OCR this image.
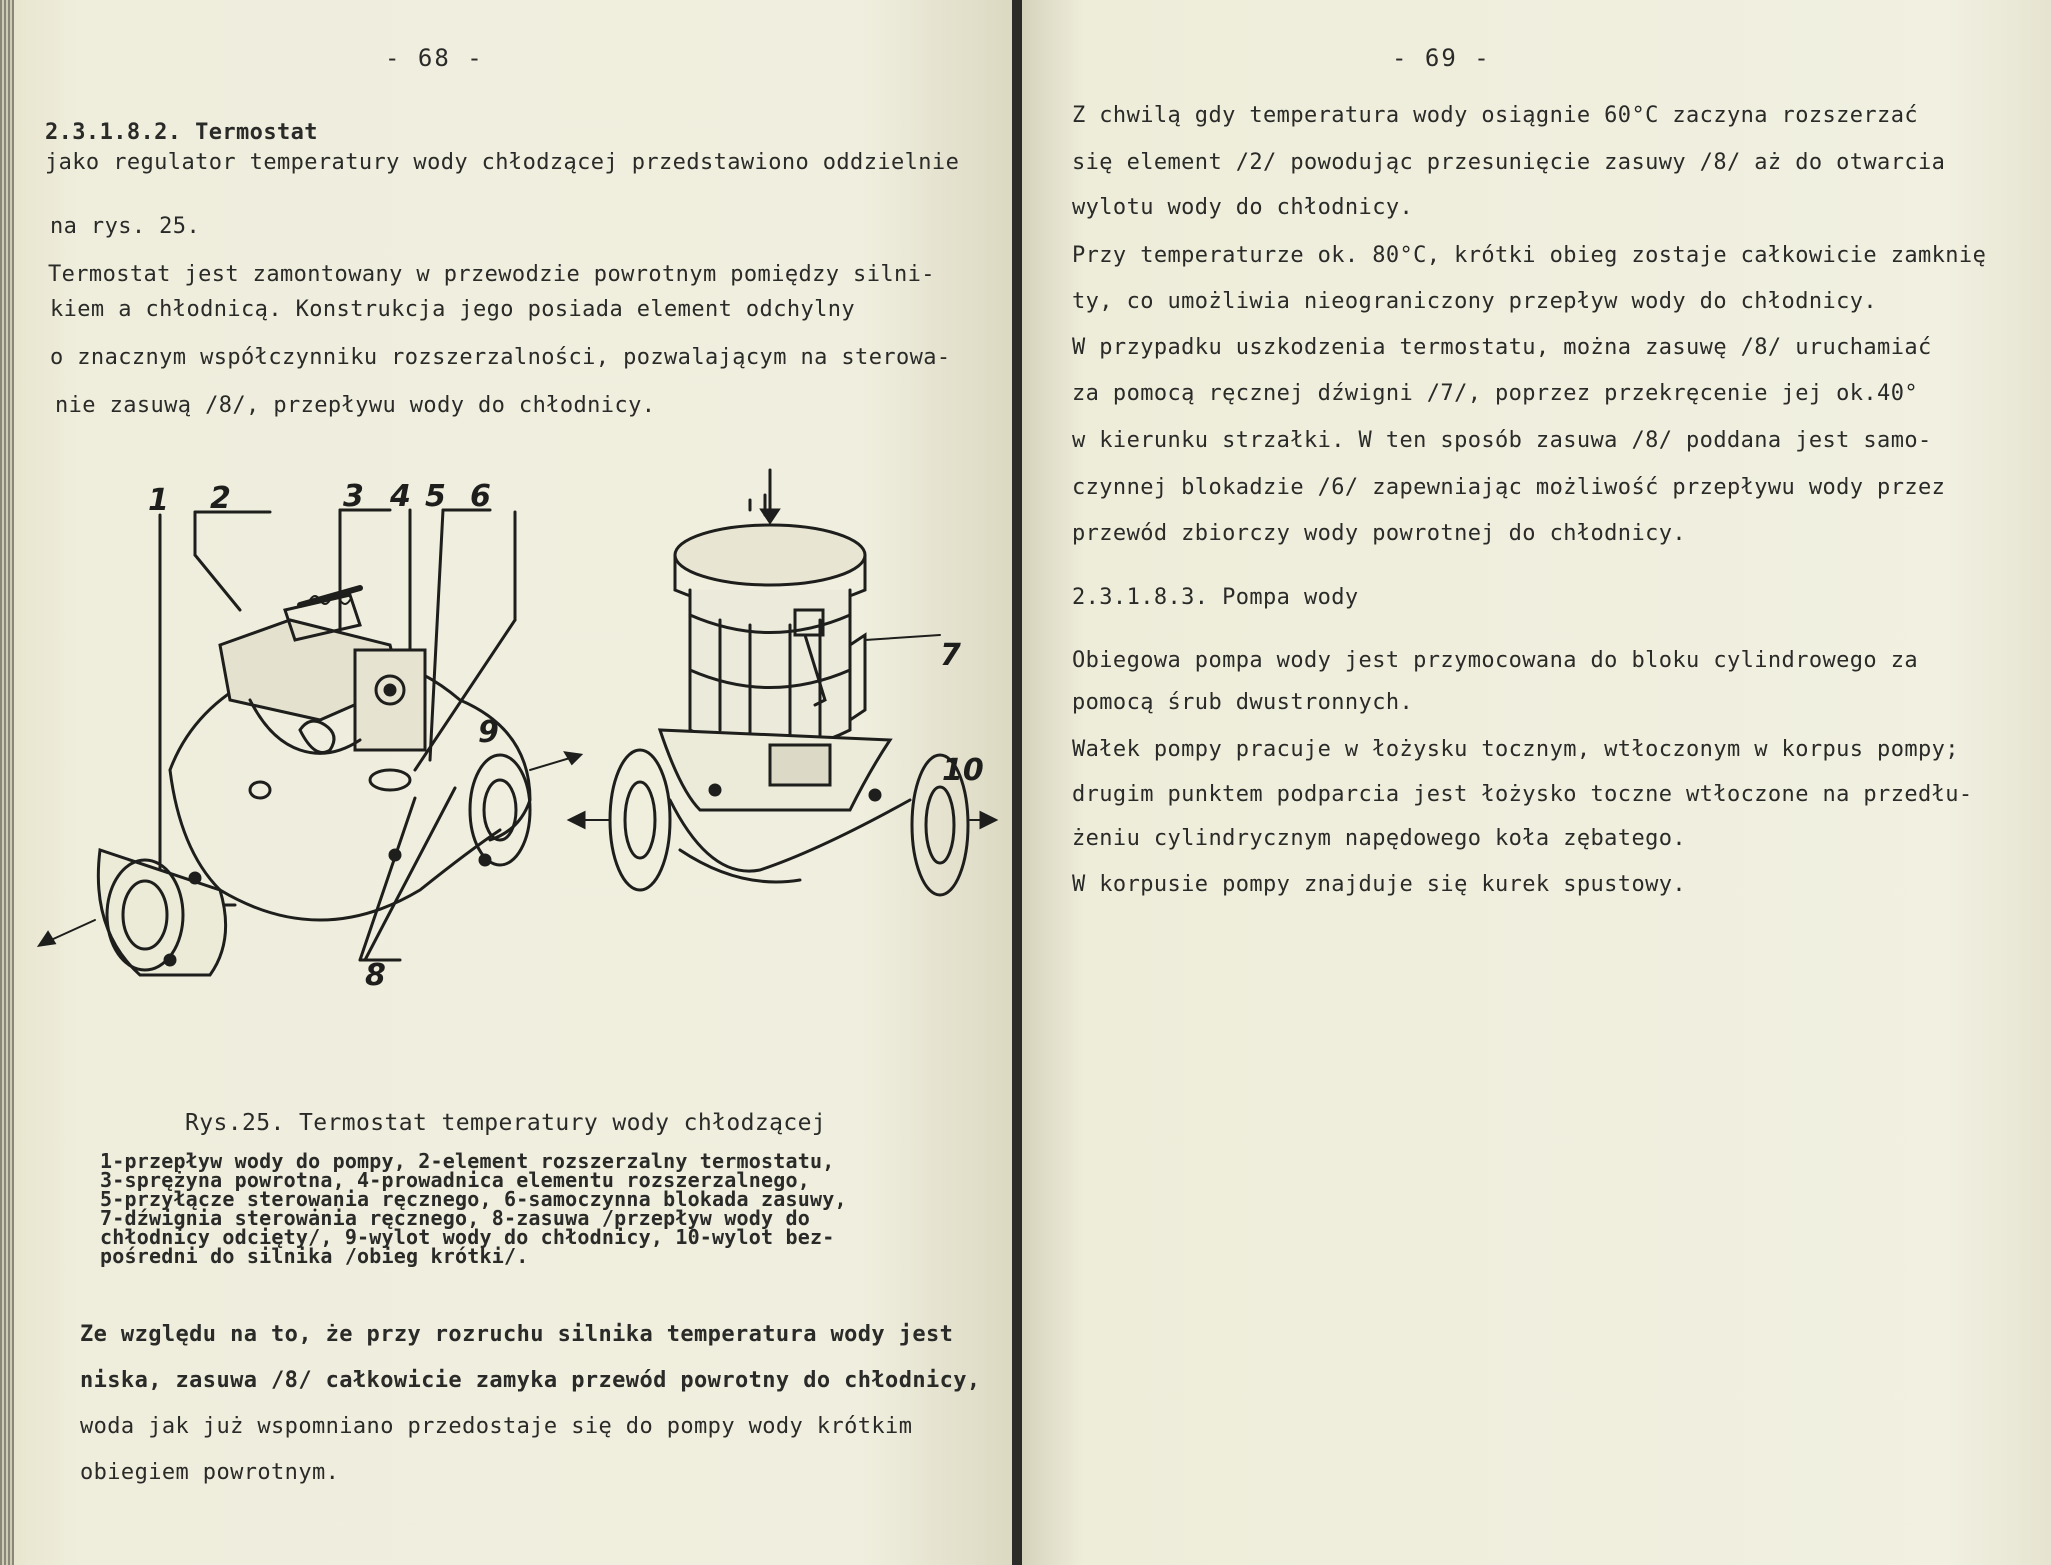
- 68 -
2.3.1.8.2. Termostat
jako regulator temperatury wody chłodzącej przedstawiono oddzielnie
na rys. 25.
Termostat jest zamontowany w przewodzie powrotnym pomiędzy silni-
kiem a chłodnicą. Konstrukcja jego posiada element odchylny
o znacznym współczynniku rozszerzalności, pozwalającym na sterowa-
nie zasuwą /8/, przepływu wody do chłodnicy.
1 2	3 4 5 6
7
8
9
10
Rys.25. Termostat temperatury wody chłodzącej
1-przepływ wody do pompy, 2-element rozszerzalny termostatu,
3-sprężyna powrotna, 4-prowadnica elementu rozszerzalnego,
5-przyłącze sterowania ręcznego, 6-samoczynna blokada zasuwy,
7-dźwignia sterowania ręcznego, 8-zasuwa /przepływ wody do
chłodnicy odcięty/, 9-wylot wody do chłodnicy, 10-wylot bez-
pośredni do silnika /obieg krótki/.
Ze względu na to, że przy rozruchu silnika temperatura wody jest
niska, zasuwa /8/ całkowicie zamyka przewód powrotny do chłodnicy,
woda jak już wspomniano przedostaje się do pompy wody krótkim
obiegiem powrotnym.
- 69 -
Z chwilą gdy temperatura wody osiągnie 60°C zaczyna rozszerzać
się element /2/ powodując przesunięcie zasuwy /8/ aż do otwarcia
wylotu wody do chłodnicy.
Przy temperaturze ok. 80°C, krótki obieg zostaje całkowicie zamknię
ty, co umożliwia nieograniczony przepływ wody do chłodnicy.
W przypadku uszkodzenia termostatu, można zasuwę /8/ uruchamiać
za pomocą ręcznej dźwigni /7/, poprzez przekręcenie jej ok.40°
w kierunku strzałki. W ten sposób zasuwa /8/ poddana jest samo-
czynnej blokadzie /6/ zapewniając możliwość przepływu wody przez
przewód zbiorczy wody powrotnej do chłodnicy.
2.3.1.8.3. Pompa wody
Obiegowa pompa wody jest przymocowana do bloku cylindrowego za
pomocą śrub dwustronnych.
Wałek pompy pracuje w łożysku tocznym, wtłoczonym w korpus pompy;
drugim punktem podparcia jest łożysko toczne wtłoczone na przedłu-
żeniu cylindrycznym napędowego koła zębatego.
W korpusie pompy znajduje się kurek spustowy.
